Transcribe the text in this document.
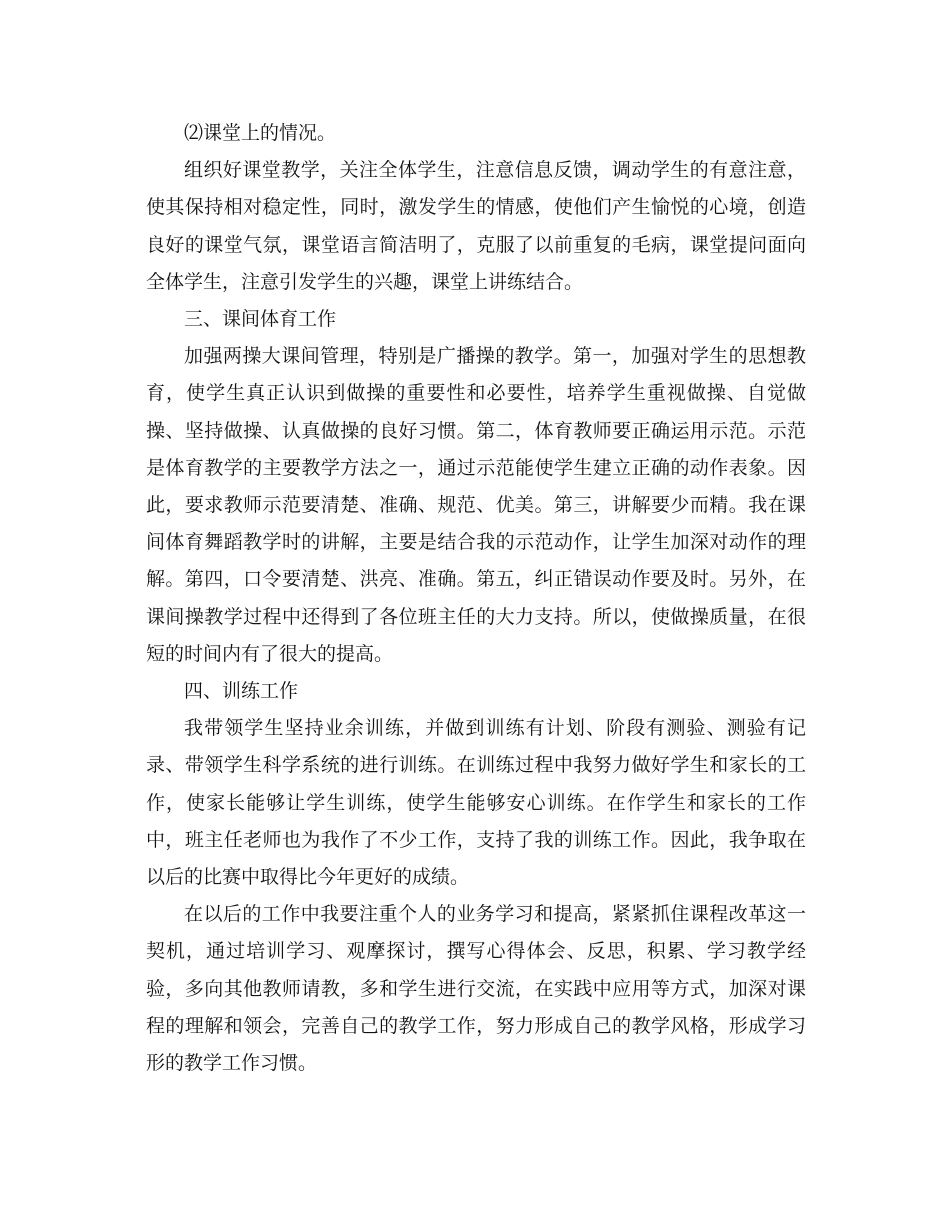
⑵课堂上的情况。

组织好课堂教学，关注全体学生，注意信息反馈，调动学生的有意注意，使其保持相对稳定性，同时，激发学生的情感，使他们产生愉悦的心境，创造良好的课堂气氛，课堂语言简洁明了，克服了以前重复的毛病，课堂提问面向全体学生，注意引发学生的兴趣，课堂上讲练结合。

三、课间体育工作

加强两操大课间管理，特别是广播操的教学。第一，加强对学生的思想教育，使学生真正认识到做操的重要性和必要性，培养学生重视做操、自觉做操、坚持做操、认真做操的良好习惯。第二，体育教师要正确运用示范。示范是体育教学的主要教学方法之一，通过示范能使学生建立正确的动作表象。因此，要求教师示范要清楚、准确、规范、优美。第三，讲解要少而精。我在课间体育舞蹈教学时的讲解，主要是结合我的示范动作，让学生加深对动作的理解。第四，口令要清楚、洪亮、准确。第五，纠正错误动作要及时。另外，在课间操教学过程中还得到了各位班主任的大力支持。所以，使做操质量，在很短的时间内有了很大的提高。

四、训练工作

我带领学生坚持业余训练，并做到训练有计划、阶段有测验、测验有记录、带领学生科学系统的进行训练。在训练过程中我努力做好学生和家长的工作，使家长能够让学生训练，使学生能够安心训练。在作学生和家长的工作中，班主任老师也为我作了不少工作，支持了我的训练工作。因此，我争取在以后的比赛中取得比今年更好的成绩。

在以后的工作中我要注重个人的业务学习和提高，紧紧抓住课程改革这一契机，通过培训学习、观摩探讨，撰写心得体会、反思，积累、学习教学经验，多向其他教师请教，多和学生进行交流，在实践中应用等方式，加深对课程的理解和领会，完善自己的教学工作，努力形成自己的教学风格，形成学习形的教学工作习惯。
